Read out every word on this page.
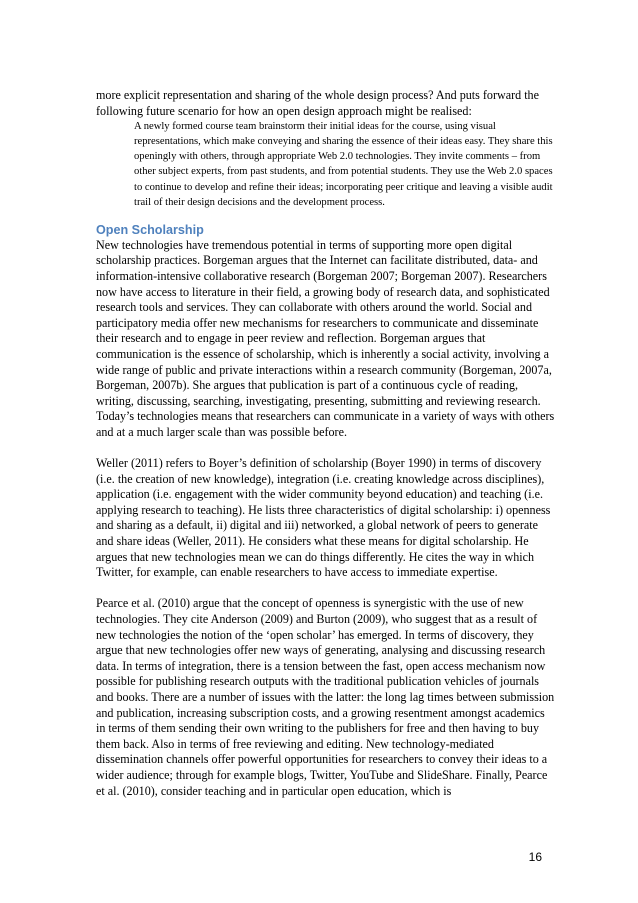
more explicit representation and sharing of the whole design process? And puts forward the following future scenario for how an open design approach might be realised:

A newly formed course team brainstorm their initial ideas for the course, using visual representations, which make conveying and sharing the essence of their ideas easy. They share this openingly with others, through appropriate Web 2.0 technologies. They invite comments – from other subject experts, from past students, and from potential students. They use the Web 2.0 spaces to continue to develop and refine their ideas; incorporating peer critique and leaving a visible audit trail of their design decisions and the development process.

Open Scholarship

New technologies have tremendous potential in terms of supporting more open digital scholarship practices. Borgeman argues that the Internet can facilitate distributed, data- and information-intensive collaborative research (Borgeman 2007; Borgeman 2007). Researchers now have access to literature in their field, a growing body of research data, and sophisticated research tools and services. They can collaborate with others around the world. Social and participatory media offer new mechanisms for researchers to communicate and disseminate their research and to engage in peer review and reflection. Borgeman argues that communication is the essence of scholarship, which is inherently a social activity, involving a wide range of public and private interactions within a research community (Borgeman, 2007a, Borgeman, 2007b). She argues that publication is part of a continuous cycle of reading, writing, discussing, searching, investigating, presenting, submitting and reviewing research. Today’s technologies means that researchers can communicate in a variety of ways with others and at a much larger scale than was possible before.

Weller (2011) refers to Boyer’s definition of scholarship (Boyer 1990) in terms of discovery (i.e. the creation of new knowledge), integration (i.e. creating knowledge across disciplines), application (i.e. engagement with the wider community beyond education) and teaching (i.e. applying research to teaching). He lists three characteristics of digital scholarship: i) openness and sharing as a default, ii) digital and iii) networked, a global network of peers to generate and share ideas (Weller, 2011). He considers what these means for digital scholarship. He argues that new technologies mean we can do things differently. He cites the way in which Twitter, for example, can enable researchers to have access to immediate expertise.

Pearce et al. (2010) argue that the concept of openness is synergistic with the use of new technologies. They cite Anderson (2009) and Burton (2009), who suggest that as a result of new technologies the notion of the ‘open scholar’ has emerged. In terms of discovery, they argue that new technologies offer new ways of generating, analysing and discussing research data. In terms of integration, there is a tension between the fast, open access mechanism now possible for publishing research outputs with the traditional publication vehicles of journals and books. There are a number of issues with the latter: the long lag times between submission and publication, increasing subscription costs, and a growing resentment amongst academics in terms of them sending their own writing to the publishers for free and then having to buy them back. Also in terms of free reviewing and editing. New technology-mediated dissemination channels offer powerful opportunities for researchers to convey their ideas to a wider audience; through for example blogs, Twitter, YouTube and SlideShare. Finally, Pearce et al. (2010), consider teaching and in particular open education, which is

16
